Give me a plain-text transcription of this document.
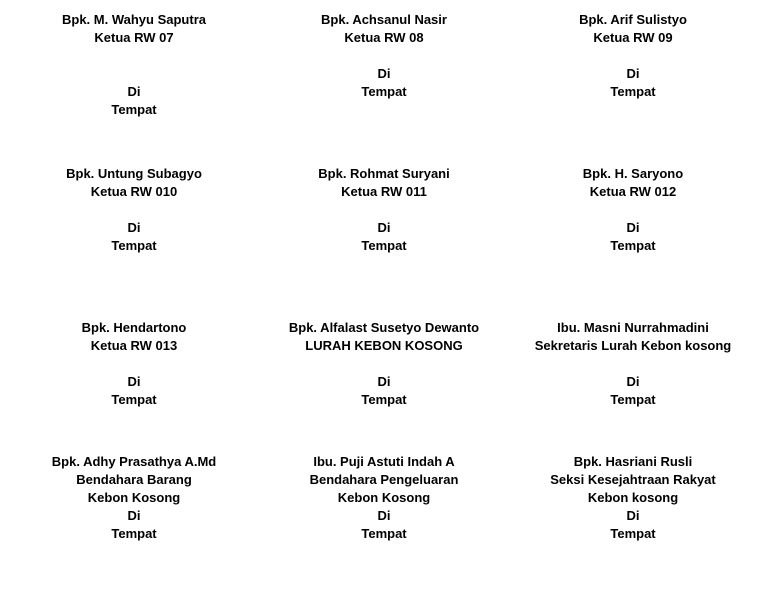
Bpk. M. Wahyu Saputra
Ketua RW 07
Di
Tempat
Bpk. Achsanul Nasir
Ketua RW 08
Di
Tempat
Bpk. Arif Sulistyo
Ketua RW 09
Di
Tempat
Bpk. Untung Subagyo
Ketua RW 010
Di
Tempat
Bpk. Rohmat Suryani
Ketua RW 011
Di
Tempat
Bpk. H. Saryono
Ketua RW 012
Di
Tempat
Bpk. Hendartono
Ketua RW 013
Di
Tempat
Bpk. Alfalast Susetyo Dewanto
LURAH KEBON KOSONG
Di
Tempat
Ibu. Masni Nurrahmadini
Sekretaris Lurah Kebon kosong
Di
Tempat
Bpk. Adhy Prasathya A.Md
Bendahara Barang
Kebon Kosong
Di
Tempat
Ibu. Puji Astuti Indah A
Bendahara Pengeluaran
Kebon Kosong
Di
Tempat
Bpk. Hasriani Rusli
Seksi Kesejahtraan Rakyat
Kebon kosong
Di
Tempat
